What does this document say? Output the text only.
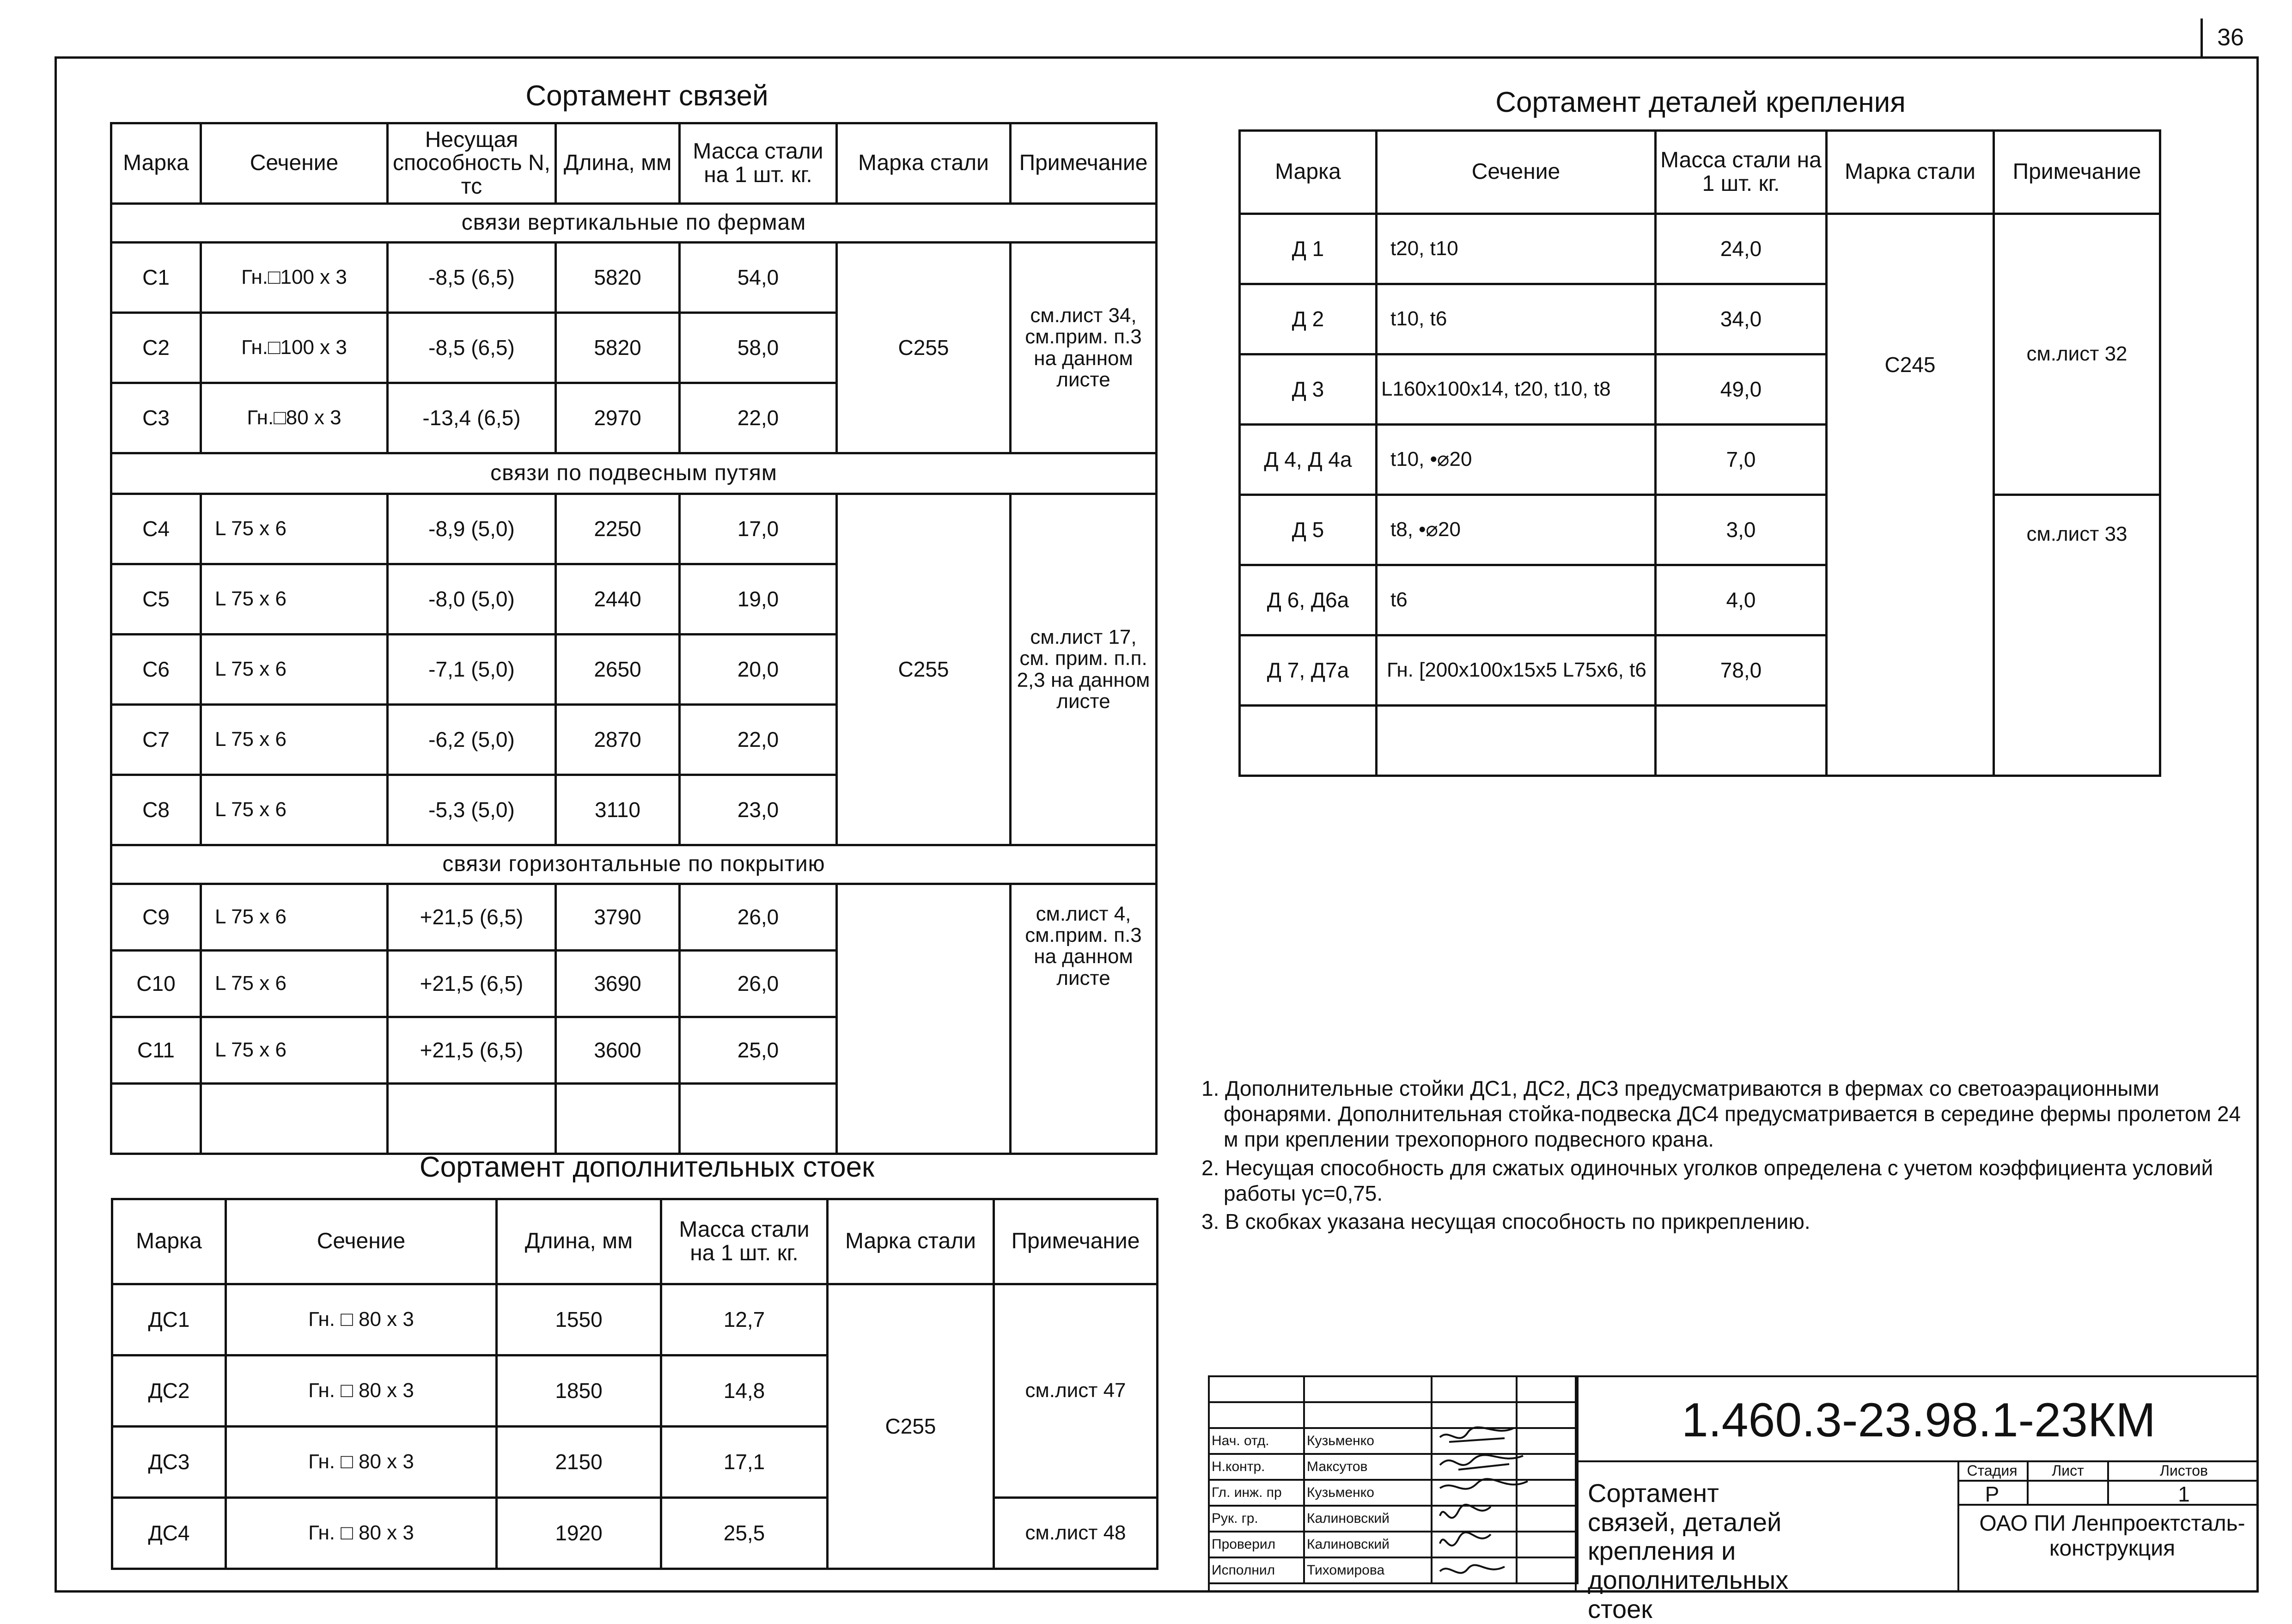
36
Сортамент связей
Марка	Сечение	Несущая способность N, тс	Длина, мм	Масса стали на 1 шт. кг.	Марка стали	Примечание
связи вертикальные по фермам						
С1	Гн.□100 х 3	-8,5 (6,5)	5820	54,0	С255	см.лист 34, см.прим. п.3 на данном листе
С2	Гн.□100 х 3	-8,5 (6,5)	5820	58,0		
С3	Гн.□80 х 3	-13,4 (6,5)	2970	22,0		
связи по подвесным путям						
С4	L 75 х 6	-8,9 (5,0)	2250	17,0	С255	см.лист 17, см. прим. п.п. 2,3 на данном листе
С5	L 75 х 6	-8,0 (5,0)	2440	19,0		
С6	L 75 х 6	-7,1 (5,0)	2650	20,0		
С7	L 75 х 6	-6,2 (5,0)	2870	22,0		
С8	L 75 х 6	-5,3 (5,0)	3110	23,0		
связи горизонтальные по покрытию						
С9	L 75 х 6	+21,5 (6,5)	3790	26,0		см.лист 4, см.прим. п.3 на данном листе
С10	L 75 х 6	+21,5 (6,5)	3690	26,0		
С11	L 75 х 6	+21,5 (6,5)	3600	25,0		

Сортамент дополнительных стоек
Марка	Сечение	Длина, мм	Масса стали на 1 шт. кг.	Марка стали	Примечание
ДС1	Гн. □ 80 х 3	1550	12,7	С255	см.лист 47
ДС2	Гн. □ 80 х 3	1850	14,8		
ДС3	Гн. □ 80 х 3	2150	17,1		
ДС4	Гн. □ 80 х 3	1920	25,5		см.лист 48
Сортамент деталей крепления
Марка	Сечение	Масса стали на 1 шт. кг.	Марка стали	Примечание
Д 1	t20, t10	24,0	С245	см.лист 32
Д 2	t10, t6	34,0		
Д 3	L160х100х14, t20, t10, t8	49,0		
Д 4, Д 4а	t10, •⌀20	7,0		
Д 5	t8, •⌀20	3,0		см.лист 33
Д 6, Д6а	t6	4,0		
Д 7, Д7а	Гн. [200х100х15х5 L75х6, t6	78,0		

1. Дополнительные стойки ДС1, ДС2, ДС3 предусматриваются в фермах со светоаэрационными фонарями. Дополнительная стойка-подвеска ДС4 предусматривается в середине фермы пролетом 24 м при креплении трехопорного подвесного крана.

2. Несущая способность для сжатых одиночных уголков определена с учетом коэффициента условий работы γc=0,75.

3. В скобках указана несущая способность по прикреплению.

Нач. отд.	Кузьменко		
Н.контр.	Максутов		
Гл. инж. пр	Кузьменко		
Рук. гр.	Калиновский		
Проверил	Калиновский		
Исполнил	Тихомирова		
1.460.3-23.98.1-23КМ
Сортамент связей, деталей крепления и дополнительных стоек
Стадия	Лист	Листов
Р	1
ОАО ПИ Ленпроектсталь-конструкция
